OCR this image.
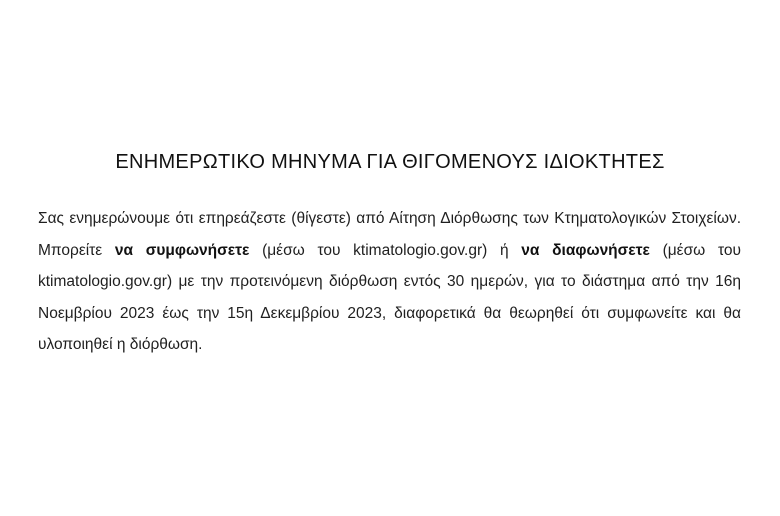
ΕΝΗΜΕΡΩΤΙΚΟ ΜΗΝΥΜΑ ΓΙΑ ΘΙΓΟΜΕΝΟΥΣ ΙΔΙΟΚΤΗΤΕΣ

Σας ενημερώνουμε ότι επηρεάζεστε (θίγεστε) από Αίτηση Διόρθωσης των Κτηματολογικών Στοιχείων. Μπορείτε να συμφωνήσετε (μέσω του ktimatologio.gov.gr) ή να διαφωνήσετε (μέσω του ktimatologio.gov.gr) με την προτεινόμενη διόρθωση εντός 30 ημερών, για το διάστημα από την 16η Νοεμβρίου 2023 έως την 15η Δεκεμβρίου 2023, διαφορετικά θα θεωρηθεί ότι συμφωνείτε και θα υλοποιηθεί η διόρθωση.
